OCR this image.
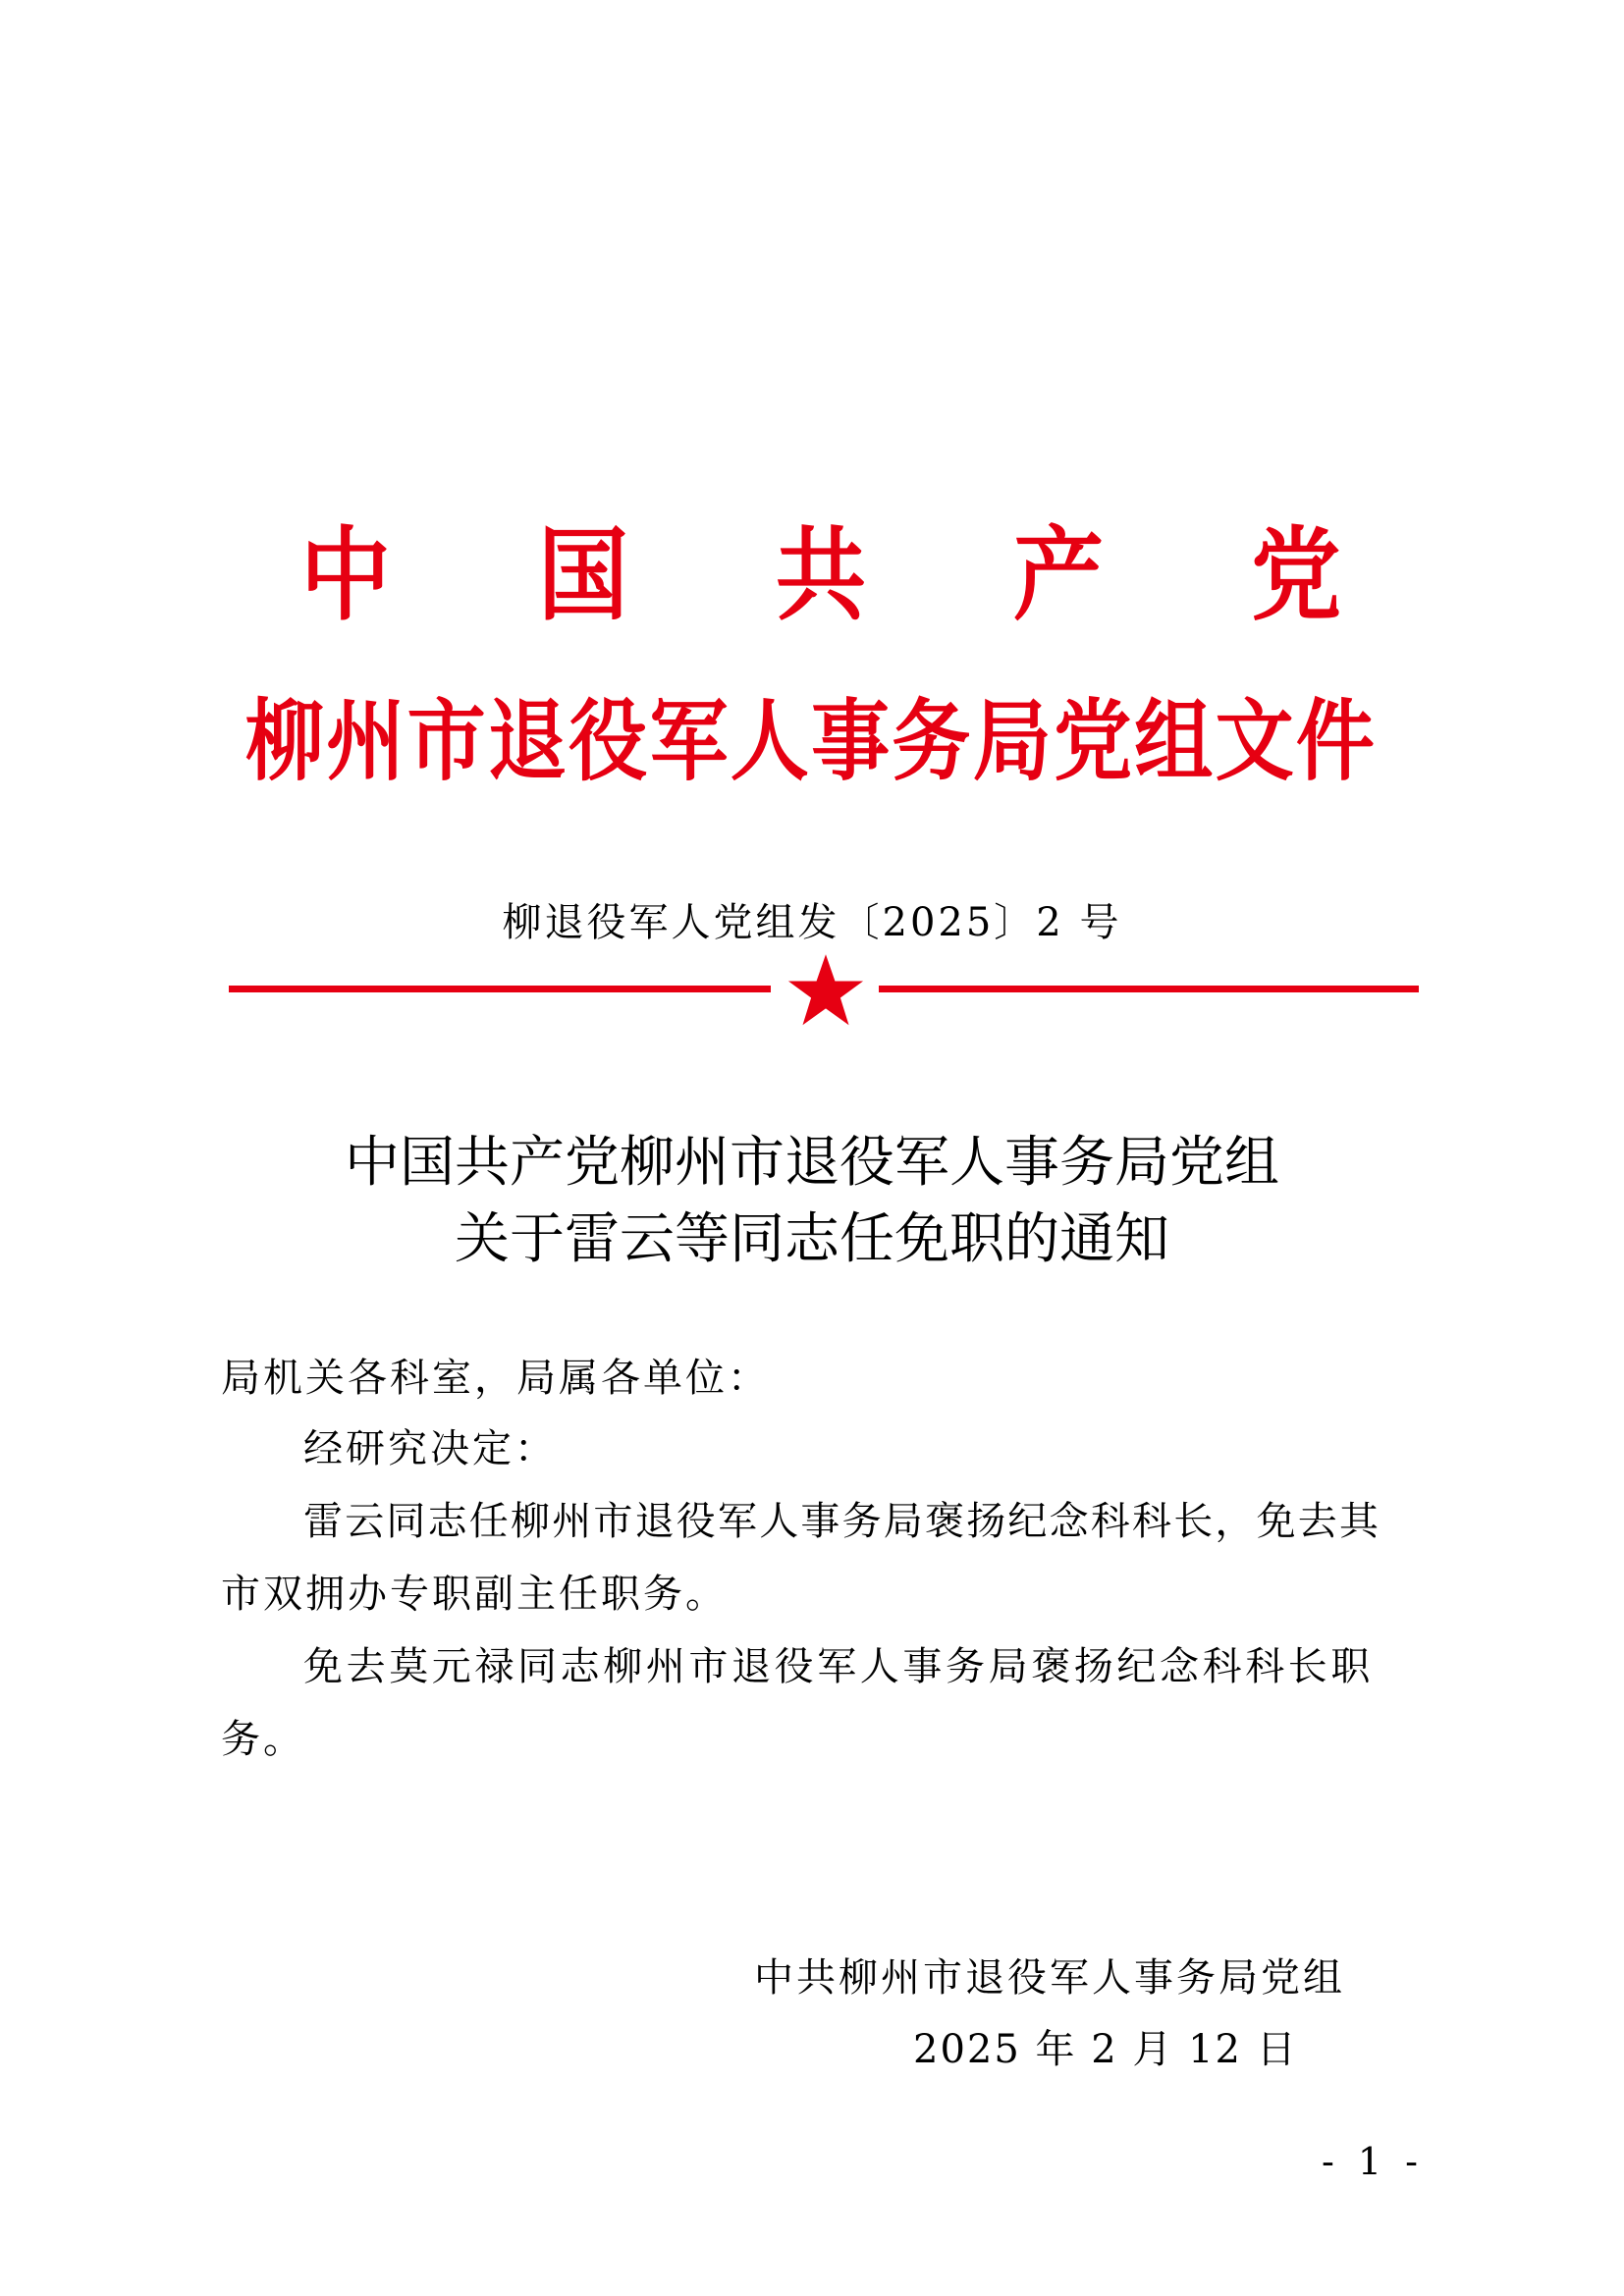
中 国 共 产 党
柳 州 市 退 役 军 人 事 务 局 党 组 文 件
柳退役军人党组发〔2025〕2 号
中国共产党柳州市退役军人事务局党组
关于雷云等同志任免职的通知
局机关各科室，局属各单位：
经研究决定：
雷云同志任柳州市退役军人事务局褒扬纪念科科长，免去其
市双拥办专职副主任职务。
免去莫元禄同志柳州市退役军人事务局褒扬纪念科科长职
务。
中共柳州市退役军人事务局党组
2025 年 2 月 12 日
- 1 -
